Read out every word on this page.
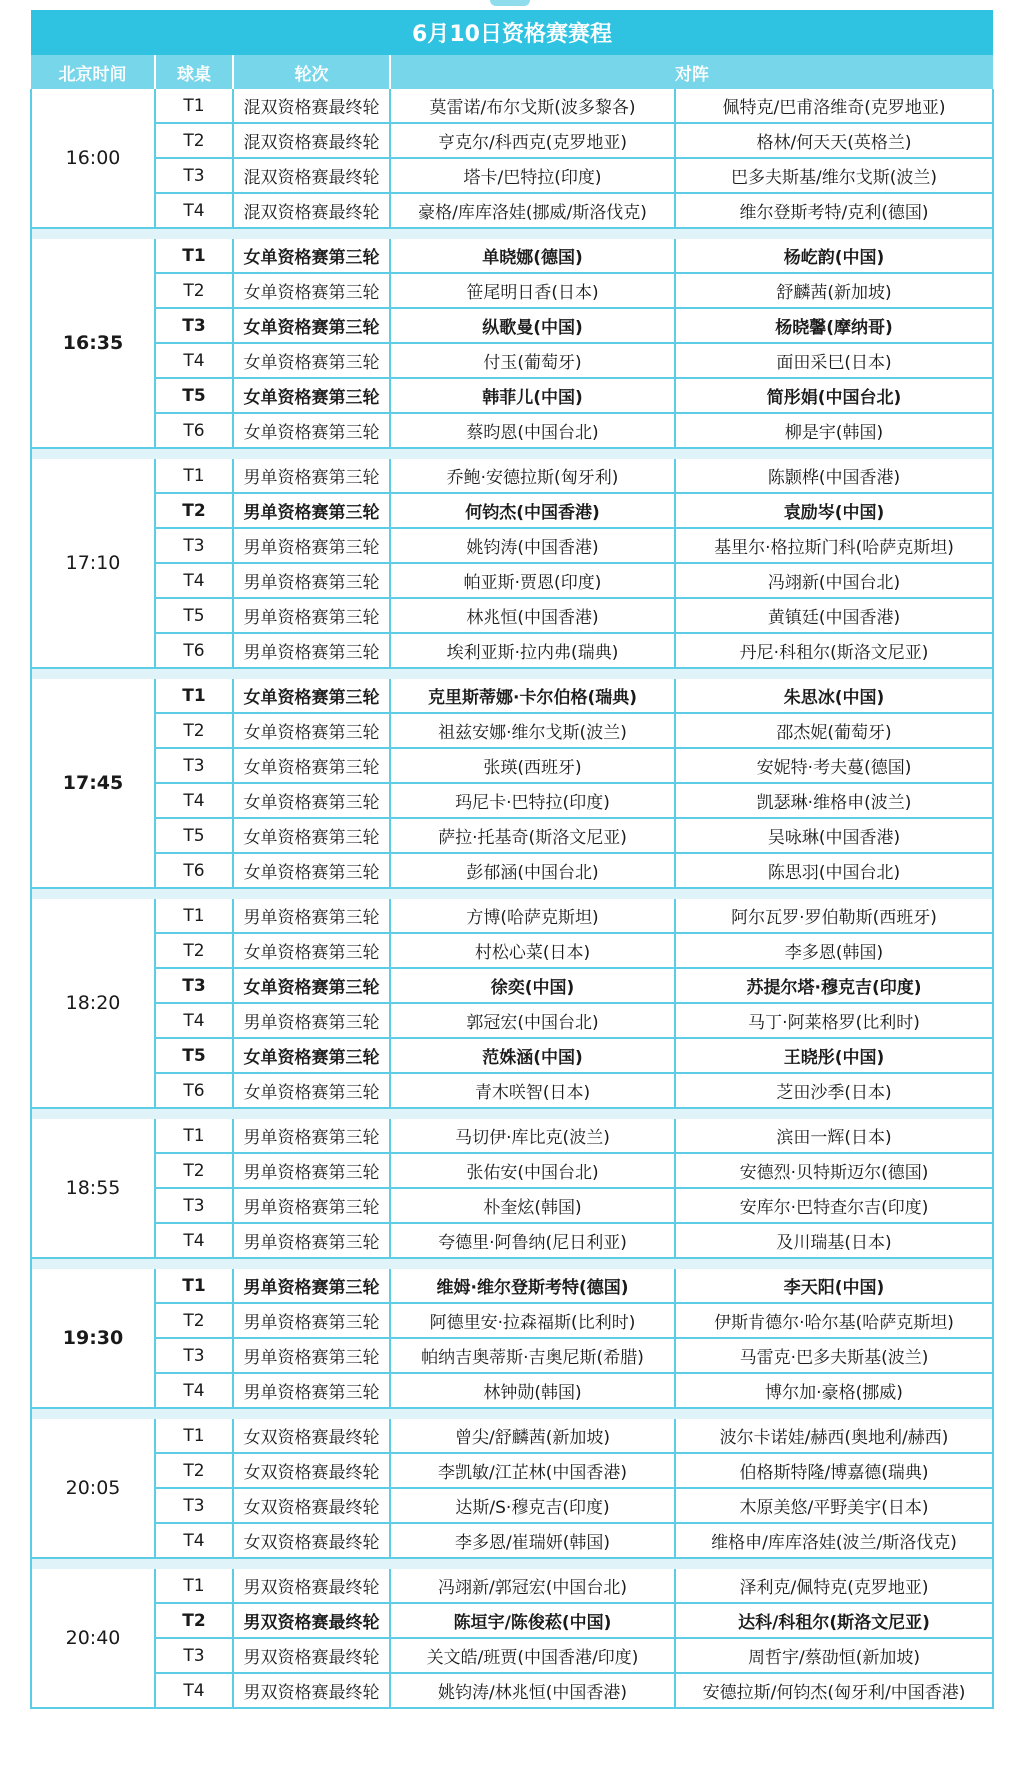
6月10日资格赛赛程				
北京时间	球桌	轮次	对阵	
16:00	T1	混双资格赛最终轮	莫雷诺/布尔戈斯(波多黎各)	佩特克/巴甫洛维奇(克罗地亚)
	T2	混双资格赛最终轮	亨克尔/科西克(克罗地亚)	格林/何天天(英格兰)
	T3	混双资格赛最终轮	塔卡/巴特拉(印度)	巴多夫斯基/维尔戈斯(波兰)
	T4	混双资格赛最终轮	豪格/库库洛娃(挪威/斯洛伐克)	维尔登斯考特/克利(德国)

16:35	T1	女单资格赛第三轮	单晓娜(德国)	杨屹韵(中国)
	T2	女单资格赛第三轮	笹尾明日香(日本)	舒麟茜(新加坡)
	T3	女单资格赛第三轮	纵歌曼(中国)	杨晓馨(摩纳哥)
	T4	女单资格赛第三轮	付玉(葡萄牙)	面田采巳(日本)
	T5	女单资格赛第三轮	韩菲儿(中国)	简彤娟(中国台北)
	T6	女单资格赛第三轮	蔡昀恩(中国台北)	柳是宇(韩国)

17:10	T1	男单资格赛第三轮	乔鲍·安德拉斯(匈牙利)	陈颢桦(中国香港)
	T2	男单资格赛第三轮	何钧杰(中国香港)	袁励岑(中国)
	T3	男单资格赛第三轮	姚钧涛(中国香港)	基里尔·格拉斯门科(哈萨克斯坦)
	T4	男单资格赛第三轮	帕亚斯·贾恩(印度)	冯翊新(中国台北)
	T5	男单资格赛第三轮	林兆恒(中国香港)	黄镇廷(中国香港)
	T6	男单资格赛第三轮	埃利亚斯·拉内弗(瑞典)	丹尼·科租尔(斯洛文尼亚)

17:45	T1	女单资格赛第三轮	克里斯蒂娜·卡尔伯格(瑞典)	朱思冰(中国)
	T2	女单资格赛第三轮	祖兹安娜·维尔戈斯(波兰)	邵杰妮(葡萄牙)
	T3	女单资格赛第三轮	张瑛(西班牙)	安妮特·考夫蔓(德国)
	T4	女单资格赛第三轮	玛尼卡·巴特拉(印度)	凯瑟琳·维格申(波兰)
	T5	女单资格赛第三轮	萨拉·托基奇(斯洛文尼亚)	吴咏琳(中国香港)
	T6	女单资格赛第三轮	彭郁涵(中国台北)	陈思羽(中国台北)

18:20	T1	男单资格赛第三轮	方博(哈萨克斯坦)	阿尔瓦罗·罗伯勒斯(西班牙)
	T2	女单资格赛第三轮	村松心菜(日本)	李多恩(韩国)
	T3	女单资格赛第三轮	徐奕(中国)	苏提尔塔·穆克吉(印度)
	T4	男单资格赛第三轮	郭冠宏(中国台北)	马丁·阿莱格罗(比利时)
	T5	女单资格赛第三轮	范姝涵(中国)	王晓彤(中国)
	T6	女单资格赛第三轮	青木咲智(日本)	芝田沙季(日本)

18:55	T1	男单资格赛第三轮	马切伊·库比克(波兰)	滨田一辉(日本)
	T2	男单资格赛第三轮	张佑安(中国台北)	安德烈·贝特斯迈尔(德国)
	T3	男单资格赛第三轮	朴奎炫(韩国)	安库尔·巴特查尔吉(印度)
	T4	男单资格赛第三轮	夸德里·阿鲁纳(尼日利亚)	及川瑞基(日本)

19:30	T1	男单资格赛第三轮	维姆·维尔登斯考特(德国)	李天阳(中国)
	T2	男单资格赛第三轮	阿德里安·拉森福斯(比利时)	伊斯肯德尔·哈尔基(哈萨克斯坦)
	T3	男单资格赛第三轮	帕纳吉奥蒂斯·吉奥尼斯(希腊)	马雷克·巴多夫斯基(波兰)
	T4	男单资格赛第三轮	林钟勋(韩国)	博尔加·豪格(挪威)

20:05	T1	女双资格赛最终轮	曾尖/舒麟茜(新加坡)	波尔卡诺娃/赫西(奥地利/赫西)
	T2	女双资格赛最终轮	李凯敏/江芷林(中国香港)	伯格斯特隆/博嘉德(瑞典)
	T3	女双资格赛最终轮	达斯/S·穆克吉(印度)	木原美悠/平野美宇(日本)
	T4	女双资格赛最终轮	李多恩/崔瑞妍(韩国)	维格申/库库洛娃(波兰/斯洛伐克)

20:40	T1	男双资格赛最终轮	冯翊新/郭冠宏(中国台北)	泽利克/佩特克(克罗地亚)
	T2	男双资格赛最终轮	陈垣宇/陈俊菘(中国)	达科/科租尔(斯洛文尼亚)
	T3	男双资格赛最终轮	关文皓/班贾(中国香港/印度)	周哲宇/蔡劭恒(新加坡)
	T4	男双资格赛最终轮	姚钧涛/林兆恒(中国香港)	安德拉斯/何钧杰(匈牙利/中国香港)
